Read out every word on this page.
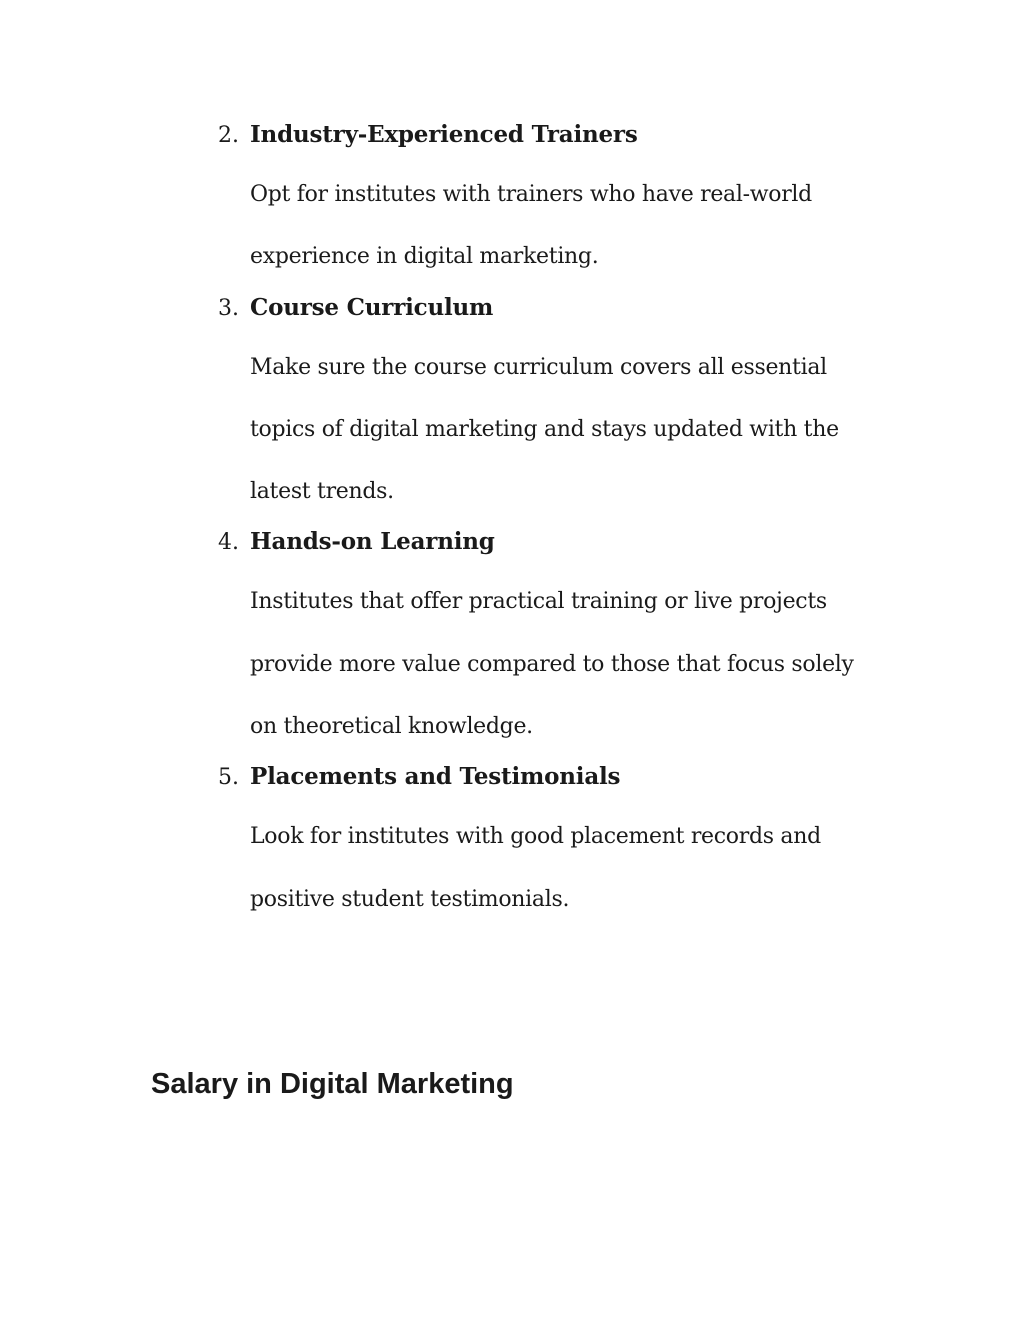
2. Industry-Experienced Trainers
Opt for institutes with trainers who have real-world
experience in digital marketing.
3. Course Curriculum
Make sure the course curriculum covers all essential
topics of digital marketing and stays updated with the
latest trends.
4. Hands-on Learning
Institutes that offer practical training or live projects
provide more value compared to those that focus solely
on theoretical knowledge.
5. Placements and Testimonials
Look for institutes with good placement records and
positive student testimonials.
Salary in Digital Marketing
